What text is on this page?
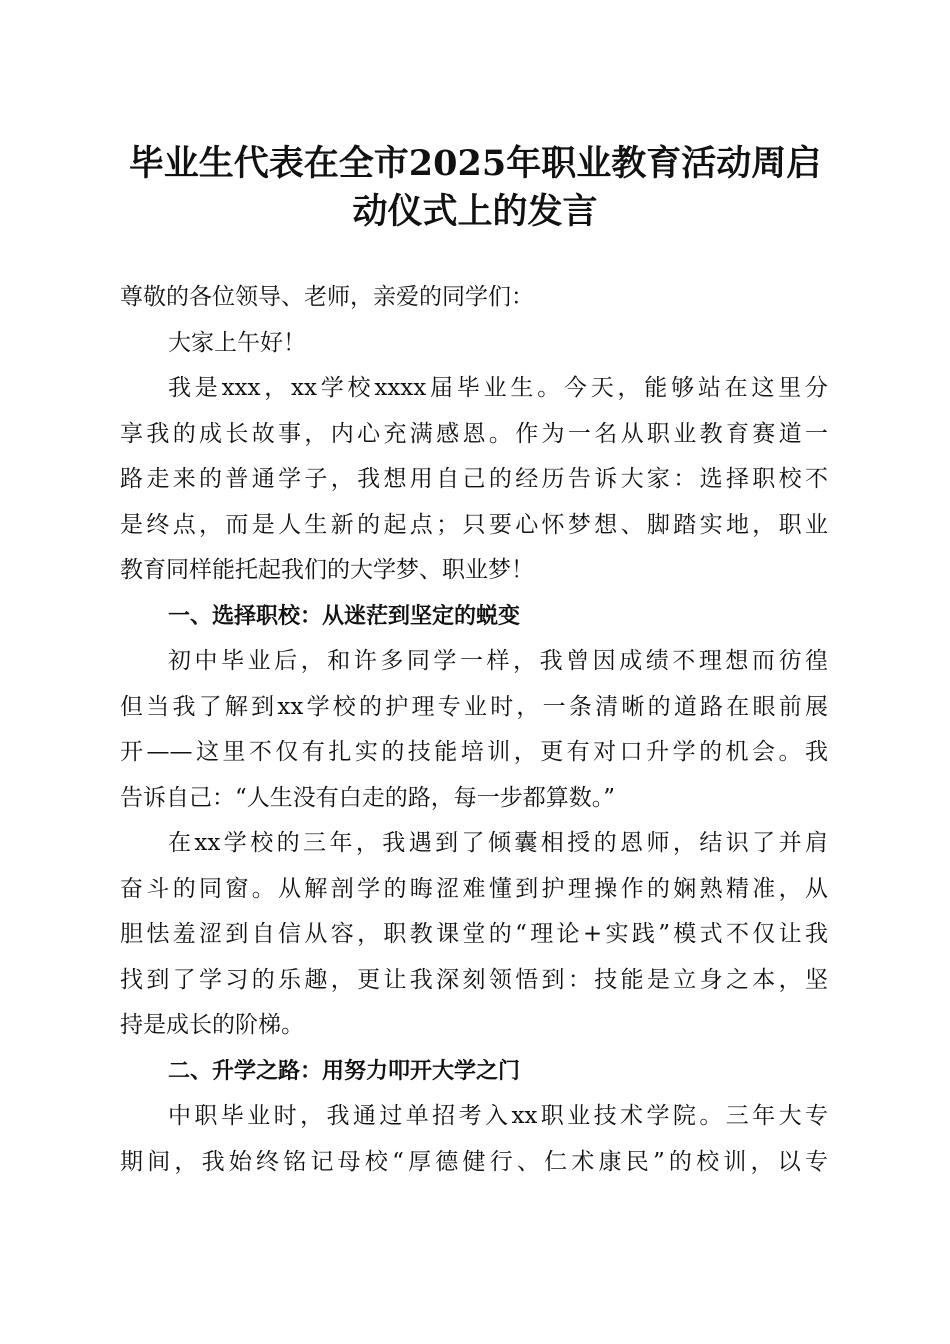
毕业生代表在全市2025年职业教育活动周启
动仪式上的发言

尊敬的各位领导、老师，亲爱的同学们：

大家上午好！

我是xxx，xx学校xxxx届毕业生。今天，能够站在这里分
享我的成长故事，内心充满感恩。作为一名从职业教育赛道一
路走来的普通学子，我想用自己的经历告诉大家：选择职校不
是终点，而是人生新的起点；只要心怀梦想、脚踏实地，职业
教育同样能托起我们的大学梦、职业梦！

一、选择职校：从迷茫到坚定的蜕变

初中毕业后，和许多同学一样，我曾因成绩不理想而彷徨
但当我了解到xx学校的护理专业时，一条清晰的道路在眼前展
开——这里不仅有扎实的技能培训，更有对口升学的机会。我
告诉自己：“人生没有白走的路，每一步都算数。”

在xx学校的三年，我遇到了倾囊相授的恩师，结识了并肩
奋斗的同窗。从解剖学的晦涩难懂到护理操作的娴熟精准，从
胆怯羞涩到自信从容，职教课堂的“理论+实践”模式不仅让我
找到了学习的乐趣，更让我深刻领悟到：技能是立身之本，坚
持是成长的阶梯。

二、升学之路：用努力叩开大学之门

中职毕业时，我通过单招考入xx职业技术学院。三年大专
期间，我始终铭记母校“厚德健行、仁术康民”的校训，以专
